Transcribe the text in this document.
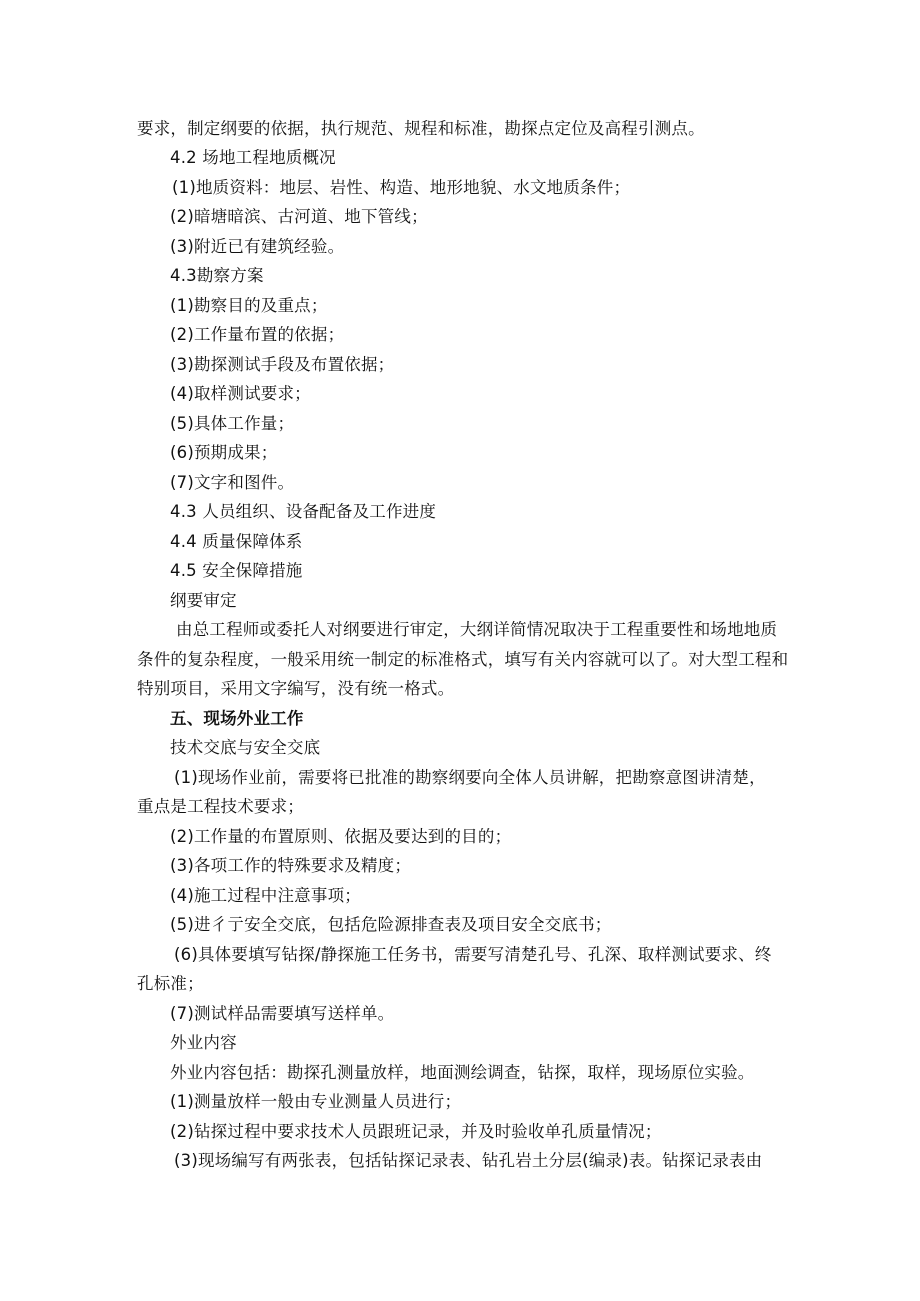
要求，制定纲要的依据，执行规范、规程和标准，勘探点定位及高程引测点。
4.2 场地工程地质概况
(1)地质资料：地层、岩性、构造、地形地貌、水文地质条件；
(2)暗塘暗滨、古河道、地下管线；
(3)附近已有建筑经验。
4.3勘察方案
(1)勘察目的及重点；
(2)工作量布置的依据；
(3)勘探测试手段及布置依据；
(4)取样测试要求；
(5)具体工作量；
(6)预期成果；
(7)文字和图件。
4.3 人员组织、设备配备及工作进度
4.4 质量保障体系
4.5 安全保障措施
纲要审定
由总工程师或委托人对纲要进行审定，大纲详简情况取决于工程重要性和场地地质
条件的复杂程度，一般采用统一制定的标准格式，填写有关内容就可以了。对大型工程和
特别项目，采用文字编写，没有统一格式。
五、现场外业工作
技术交底与安全交底
(1)现场作业前，需要将已批准的勘察纲要向全体人员讲解，把勘察意图讲清楚，
重点是工程技术要求；
(2)工作量的布置原则、依据及要达到的目的；
(3)各项工作的特殊要求及精度；
(4)施工过程中注意事项；
(5)进彳亍安全交底，包括危险源排查表及项目安全交底书；
(6)具体要填写钻探/静探施工任务书，需要写清楚孔号、孔深、取样测试要求、终
孔标准；
(7)测试样品需要填写送样单。
外业内容
外业内容包括：勘探孔测量放样，地面测绘调查，钻探，取样，现场原位实验。
(1)测量放样一般由专业测量人员进行；
(2)钻探过程中要求技术人员跟班记录，并及时验收单孔质量情况；
(3)现场编写有两张表，包括钻探记录表、钻孔岩土分层(编录)表。钻探记录表由
